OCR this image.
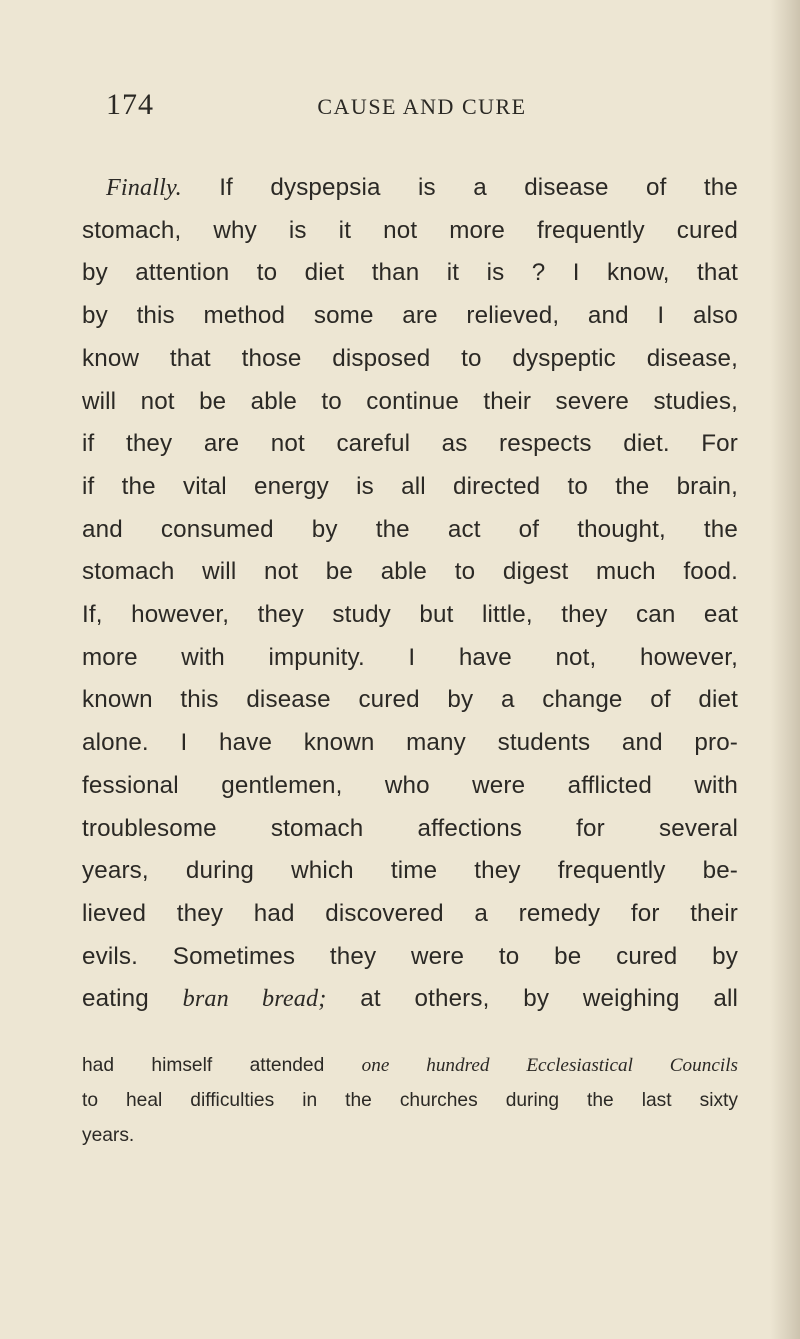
174	CAUSE AND CURE
Finally. If dyspepsia is a disease of the
stomach, why is it not more frequently cured
by attention to diet than it is ? I know, that
by this method some are relieved, and I also
know that those disposed to dyspeptic disease,
will not be able to continue their severe studies,
if they are not careful as respects diet. For
if the vital energy is all directed to the brain,
and consumed by the act of thought, the
stomach will not be able to digest much food.
If, however, they study but little, they can eat
more with impunity. I have not, however,
known this disease cured by a change of diet
alone. I have known many students and pro-
fessional gentlemen, who were afflicted with
troublesome stomach affections for several
years, during which time they frequently be-
lieved they had discovered a remedy for their
evils. Sometimes they were to be cured by
eating bran bread; at others, by weighing all
had himself attended one hundred Ecclesiastical Councils
to heal difficulties in the churches during the last sixty
years.
